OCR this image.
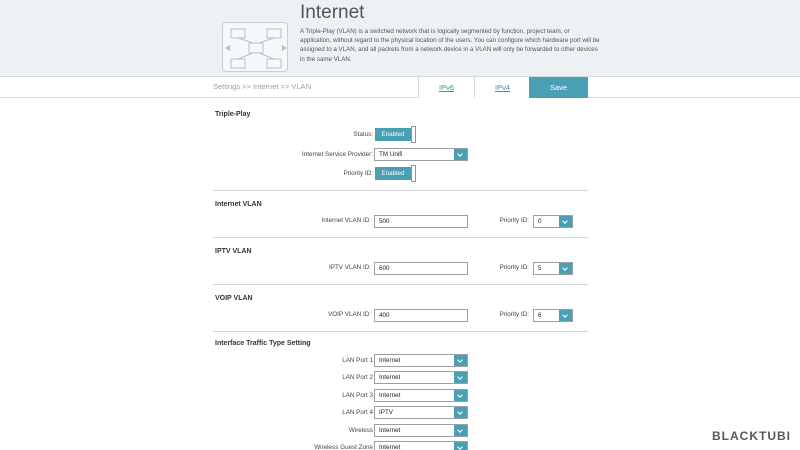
Internet
A Triple-Play (VLAN) is a switched network that is logically segmented by function, project team, or application, without regard to the physical location of the users. You can configure which hardware port will be assigned to a VLAN, and all packets from a network device in a VLAN will only be forwarded to other devices in the same VLAN.
Settings >> Internet >> VLAN	IPv6	IPv4	Save
Triple-Play
Status:	Enabled
Internet Service Provider: TM Unifi
Priority ID:	Enabled
Internet VLAN
Internet VLAN ID:	500	Priority ID:	0
IPTV VLAN
IPTV VLAN ID:	600	Priority ID:	5
VOIP VLAN
VOIP VLAN ID:	400	Priority ID:	6
Interface Traffic Type Setting
LAN Port 1 Internet
LAN Port 2 Internet
LAN Port 3 Internet
LAN Port 4 IPTV
Wireless Internet
Wireless Guest Zone Internet
BLACKTUBI
